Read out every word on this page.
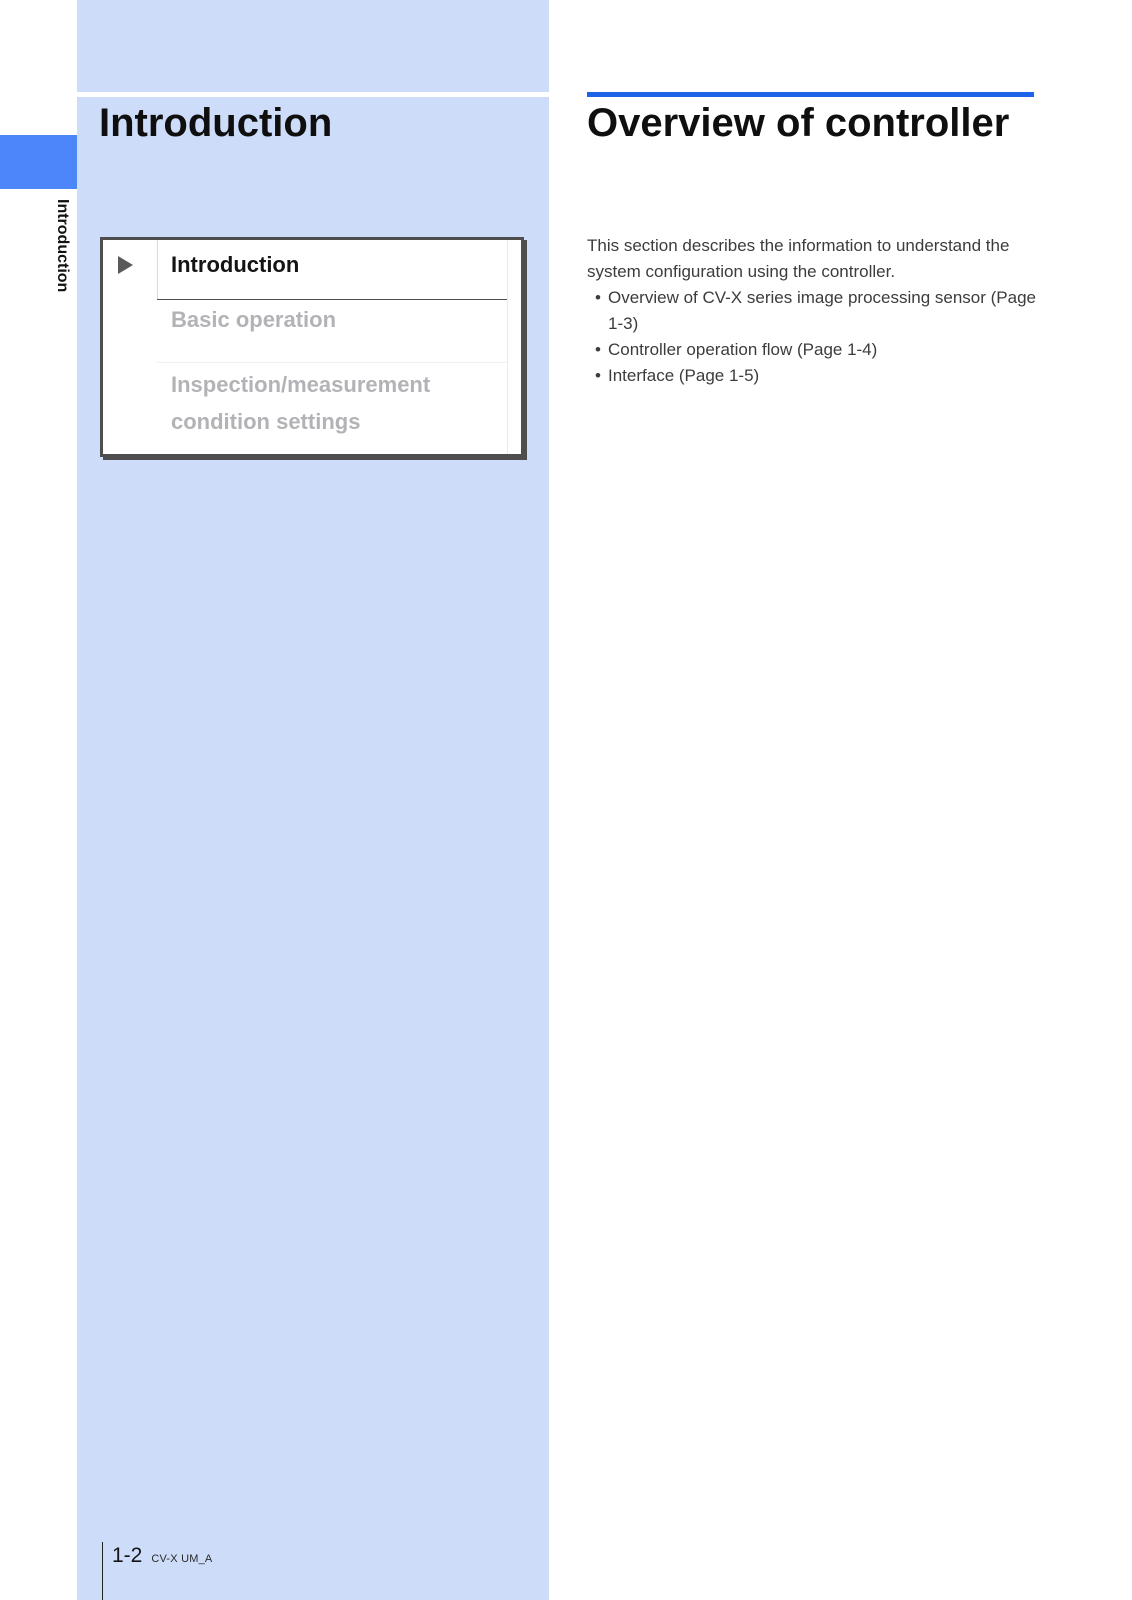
Introduction
Introduction
Introduction
Basic operation
Inspection/measurement condition settings
Overview of controller

This section describes the information to understand the system configuration using the controller.

• Overview of CV-X series image processing sensor (Page 1-3)
• Controller operation flow (Page 1-4)
• Interface (Page 1-5)
1-2 CV-X UM_A
